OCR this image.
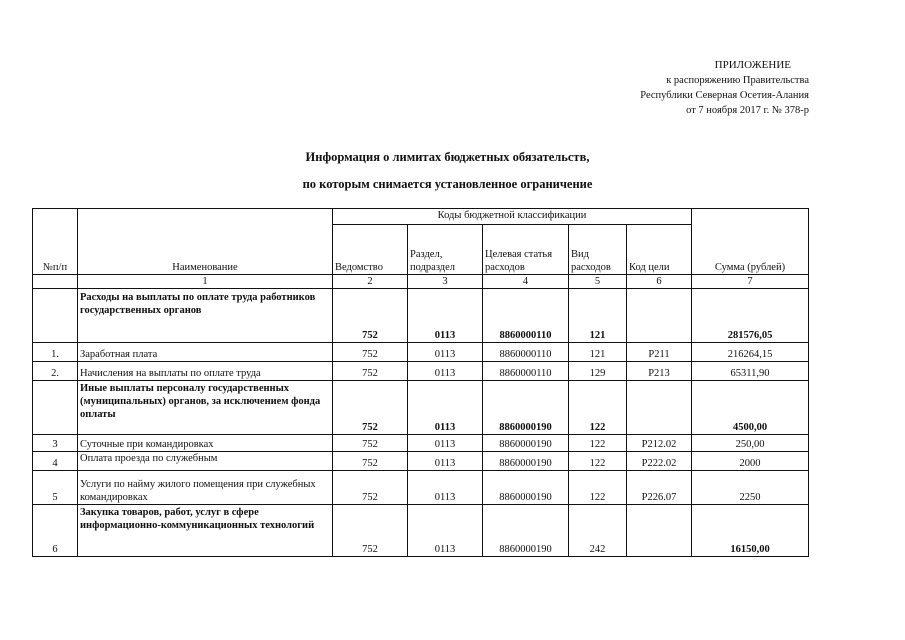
ПРИЛОЖЕНИЕ
к распоряжению Правительства
Республики Северная Осетия-Алания
от 7 ноября 2017 г. № 378-р
Информация о лимитах бюджетных обязательств,
по которым снимается установленное ограничение
№п/п	Наименование	Коды бюджетной классификации					Сумма (рублей)
		Ведомство	Раздел, подраздел	Целевая статья расходов	Вид расходов	Код цели	
	1	2	3	4	5	6	7
	Расходы на выплаты по оплате труда работников государственных органов	752	0113	8860000110	121		281576,05
1.	Заработная плата	752	0113	8860000110	121	Р211	216264,15
2.	Начисления на выплаты по оплате труда	752	0113	8860000110	129	Р213	65311,90
	Иные выплаты персоналу государственных (муниципальных) органов, за исключением фонда оплаты	752	0113	8860000190	122		4500,00
3	Суточные при командировках	752	0113	8860000190	122	Р212.02	250,00
4	Оплата проезда по служебным	752	0113	8860000190	122	Р222.02	2000
5	Услуги по найму жилого помещения при служебных командировках	752	0113	8860000190	122	Р226.07	2250
6	Закупка товаров, работ, услуг в сфере информационно-коммуникационных технологий	752	0113	8860000190	242		16150,00
